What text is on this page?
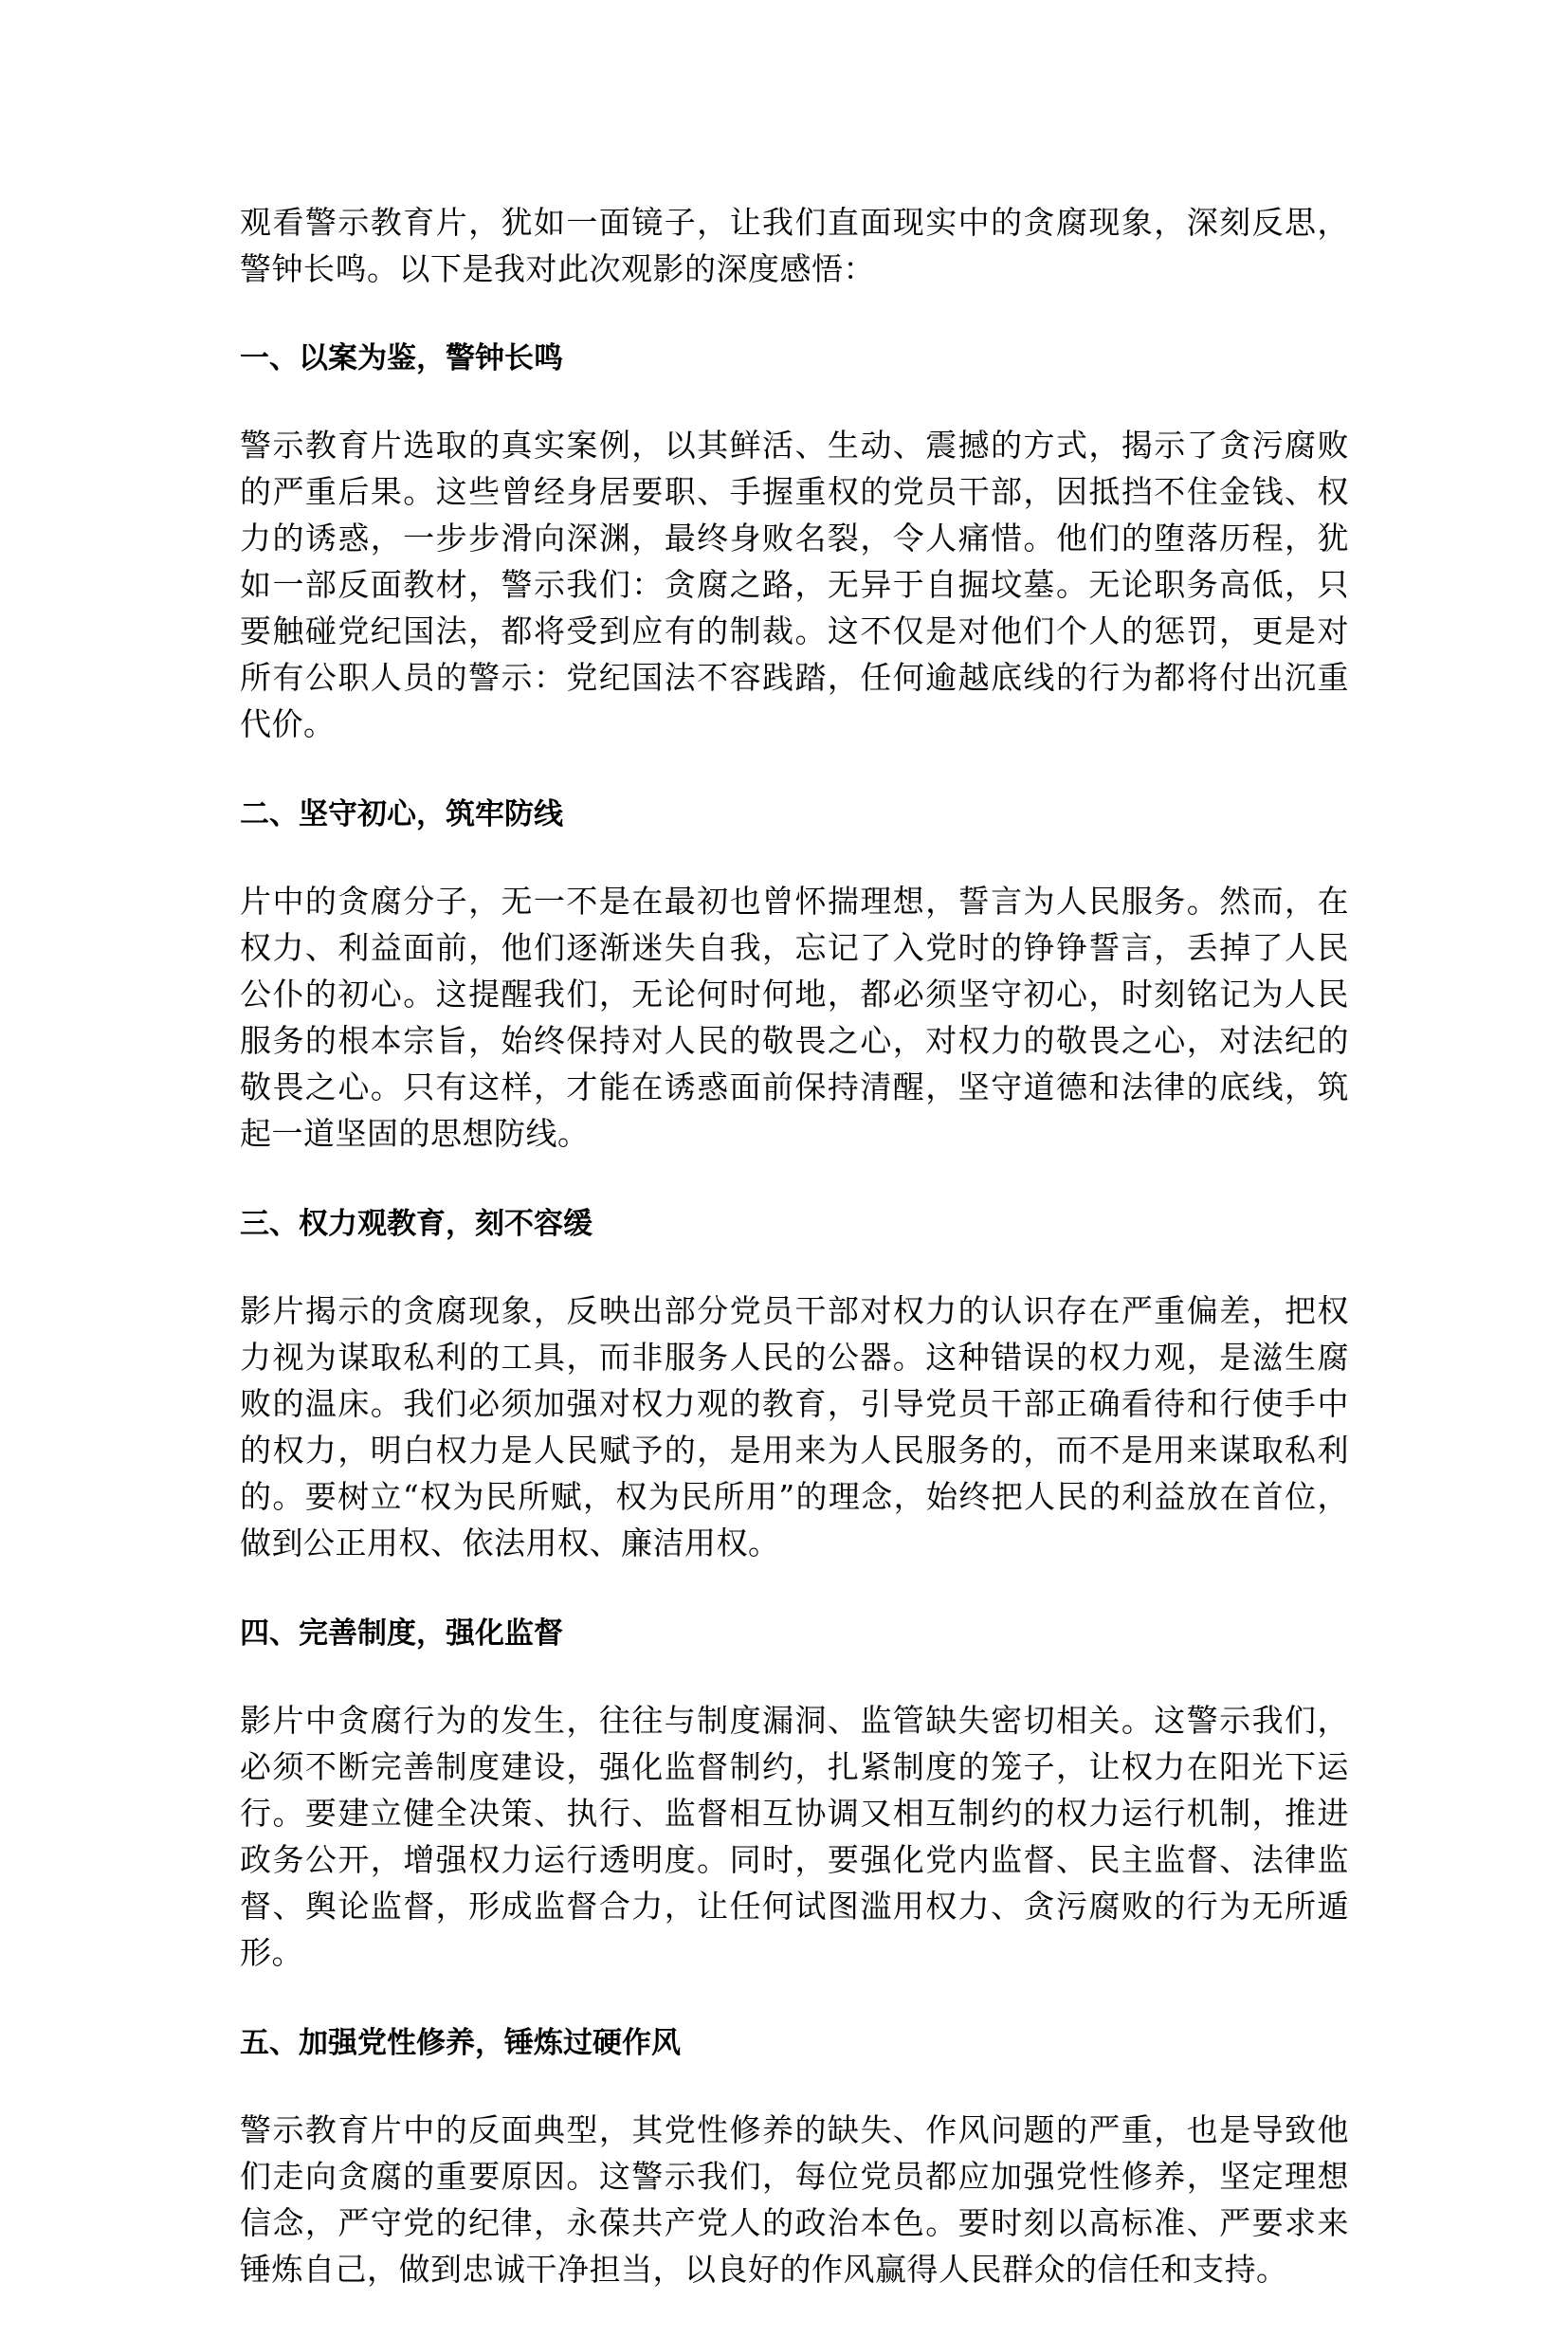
观看警示教育片，犹如一面镜子，让我们直面现实中的贪腐现象，深刻反思，警钟长鸣。以下是我对此次观影的深度感悟：

一、以案为鉴，警钟长鸣

警示教育片选取的真实案例，以其鲜活、生动、震撼的方式，揭示了贪污腐败的严重后果。这些曾经身居要职、手握重权的党员干部，因抵挡不住金钱、权力的诱惑，一步步滑向深渊，最终身败名裂，令人痛惜。他们的堕落历程，犹如一部反面教材，警示我们：贪腐之路，无异于自掘坟墓。无论职务高低，只要触碰党纪国法，都将受到应有的制裁。这不仅是对他们个人的惩罚，更是对所有公职人员的警示：党纪国法不容践踏，任何逾越底线的行为都将付出沉重代价。

二、坚守初心，筑牢防线

片中的贪腐分子，无一不是在最初也曾怀揣理想，誓言为人民服务。然而，在权力、利益面前，他们逐渐迷失自我，忘记了入党时的铮铮誓言，丢掉了人民公仆的初心。这提醒我们，无论何时何地，都必须坚守初心，时刻铭记为人民服务的根本宗旨，始终保持对人民的敬畏之心，对权力的敬畏之心，对法纪的敬畏之心。只有这样，才能在诱惑面前保持清醒，坚守道德和法律的底线，筑起一道坚固的思想防线。

三、权力观教育，刻不容缓

影片揭示的贪腐现象，反映出部分党员干部对权力的认识存在严重偏差，把权力视为谋取私利的工具，而非服务人民的公器。这种错误的权力观，是滋生腐败的温床。我们必须加强对权力观的教育，引导党员干部正确看待和行使手中的权力，明白权力是人民赋予的，是用来为人民服务的，而不是用来谋取私利的。要树立“权为民所赋，权为民所用”的理念，始终把人民的利益放在首位，做到公正用权、依法用权、廉洁用权。

四、完善制度，强化监督

影片中贪腐行为的发生，往往与制度漏洞、监管缺失密切相关。这警示我们，必须不断完善制度建设，强化监督制约，扎紧制度的笼子，让权力在阳光下运行。要建立健全决策、执行、监督相互协调又相互制约的权力运行机制，推进政务公开，增强权力运行透明度。同时，要强化党内监督、民主监督、法律监督、舆论监督，形成监督合力，让任何试图滥用权力、贪污腐败的行为无所遁形。

五、加强党性修养，锤炼过硬作风

警示教育片中的反面典型，其党性修养的缺失、作风问题的严重，也是导致他们走向贪腐的重要原因。这警示我们，每位党员都应加强党性修养，坚定理想信念，严守党的纪律，永葆共产党人的政治本色。要时刻以高标准、严要求来锤炼自己，做到忠诚干净担当，以良好的作风赢得人民群众的信任和支持。
